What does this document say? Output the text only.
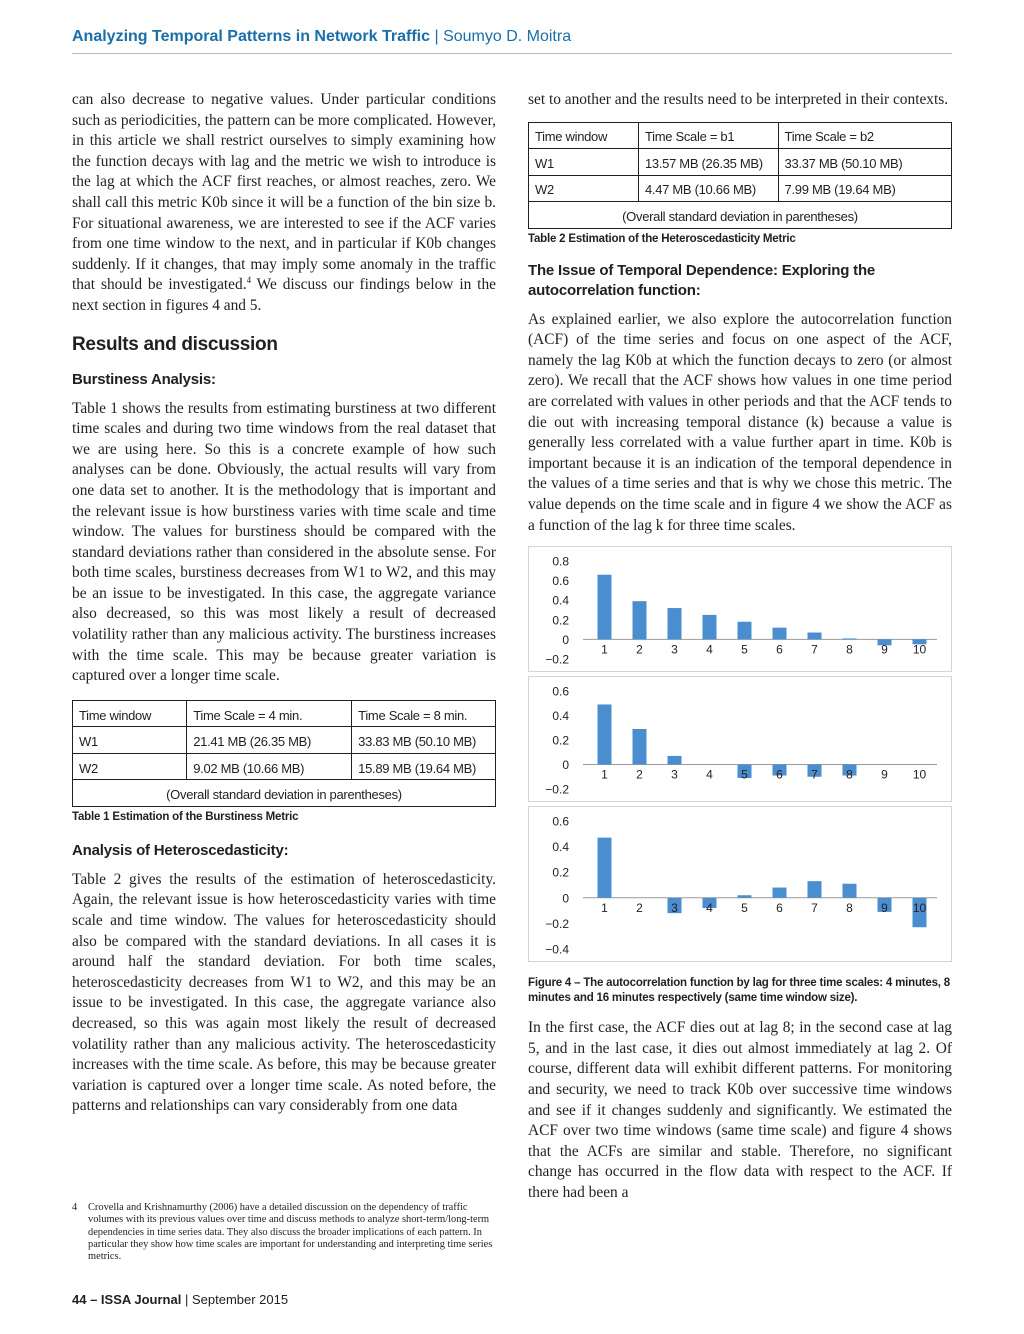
Analyzing Temporal Patterns in Network Traffic | Soumyo D. Moitra

can also decrease to negative values. Under particular conditions such as periodicities, the pattern can be more complicated. However, in this article we shall restrict ourselves to simply examining how the function decays with lag and the metric we wish to introduce is the lag at which the ACF first reaches, or almost reaches, zero. We shall call this metric K0b since it will be a function of the bin size b. For situational awareness, we are interested to see if the ACF varies from one time window to the next, and in particular if K0b changes suddenly. If it changes, that may imply some anomaly in the traffic that should be investigated.$^4$ We discuss our findings below in the next section in figures 4 and 5.

Results and discussion
Burstiness Analysis:

Table 1 shows the results from estimating burstiness at two different time scales and during two time windows from the real dataset that we are using here. So this is a concrete example of how such analyses can be done. Obviously, the actual results will vary from one data set to another. It is the methodology that is important and the relevant issue is how burstiness varies with time scale and time window. The values for burstiness should be compared with the standard deviations rather than considered in the absolute sense. For both time scales, burstiness decreases from W1 to W2, and this may be an issue to be investigated. In this case, the aggregate variance also decreased, so this was most likely a result of decreased volatility rather than any malicious activity. The burstiness increases with the time scale. This may be because greater variation is captured over a longer time scale.

Time window	Time Scale = 4 min.	Time Scale = 8 min.
W1	21.41 MB (26.35 MB)	33.83 MB (50.10 MB)
W2	9.02 MB (10.66 MB)	15.89 MB (19.64 MB)
(Overall standard deviation in parentheses)		
Table 1 Estimation of the Burstiness Metric
Analysis of Heteroscedasticity:

Table 2 gives the results of the estimation of heteroscedasticity. Again, the relevant issue is how heteroscedasticity varies with time scale and time window. The values for heteroscedasticity should also be compared with the standard deviations. In all cases it is around half the standard deviation. For both time scales, heteroscedasticity decreases from W1 to W2, and this may be an issue to be investigated. In this case, the aggregate variance also decreased, so this was again most likely the result of decreased volatility rather than any malicious activity. The heteroscedasticity increases with the time scale. As before, this may be because greater variation is captured over a longer time scale. As noted before, the patterns and relationships can vary considerably from one data

set to another and the results need to be interpreted in their contexts.

Time window	Time Scale = b1	Time Scale = b2
W1	13.57 MB (26.35 MB)	33.37 MB (50.10 MB)
W2	4.47 MB (10.66 MB)	7.99 MB (19.64 MB)
(Overall standard deviation in parentheses)		
Table 2 Estimation of the Heteroscedasticity Metric
The Issue of Temporal Dependence: Exploring the autocorrelation function:

As explained earlier, we also explore the autocorrelation function (ACF) of the time series and focus on one aspect of the ACF, namely the lag K0b at which the function decays to zero (or almost zero). We recall that the ACF shows how values in one time period are correlated with values in other periods and that the ACF tends to die out with increasing temporal distance (k) because a value is generally less correlated with a value further apart in time. K0b is important because it is an indication of the temporal dependence in the values of a time series and that is why we chose this metric. The value depends on the time scale and in figure 4 we show the ACF as a function of the lag k for three time scales.

0.8
0.6
0.4
0.2
0
−0.2
1 2 3 4 5 6 7 8 9 10
0.6
0.4
0.2
0
−0.2
1 2 3 4 5 6 7 8 9 10
0.6
0.4
0.2
0
−0.2
−0.4
1 2 3 4 5 6 7 8 9 10
Figure 4 – The autocorrelation function by lag for three time scales: 4 minutes, 8 minutes and 16 minutes respectively (same time window size).

In the first case, the ACF dies out at lag 8; in the second case at lag 5, and in the last case, it dies out almost immediately at lag 2. Of course, different data will exhibit different patterns. For monitoring and security, we need to track K0b over successive time windows and see if it changes suddenly and significantly. We estimated the ACF over two time windows (same time scale) and figure 4 shows that the ACFs are similar and stable. Therefore, no significant change has occurred in the flow data with respect to the ACF. If there had been a

4 Crovella and Krishnamurthy (2006) have a detailed discussion on the dependency of traffic volumes with its previous values over time and discuss methods to analyze short-term/long-term dependencies in time series data. They also discuss the broader implications of each pattern. In particular they show how time scales are important for understanding and interpreting time series metrics.
44 – ISSA Journal | September 2015
